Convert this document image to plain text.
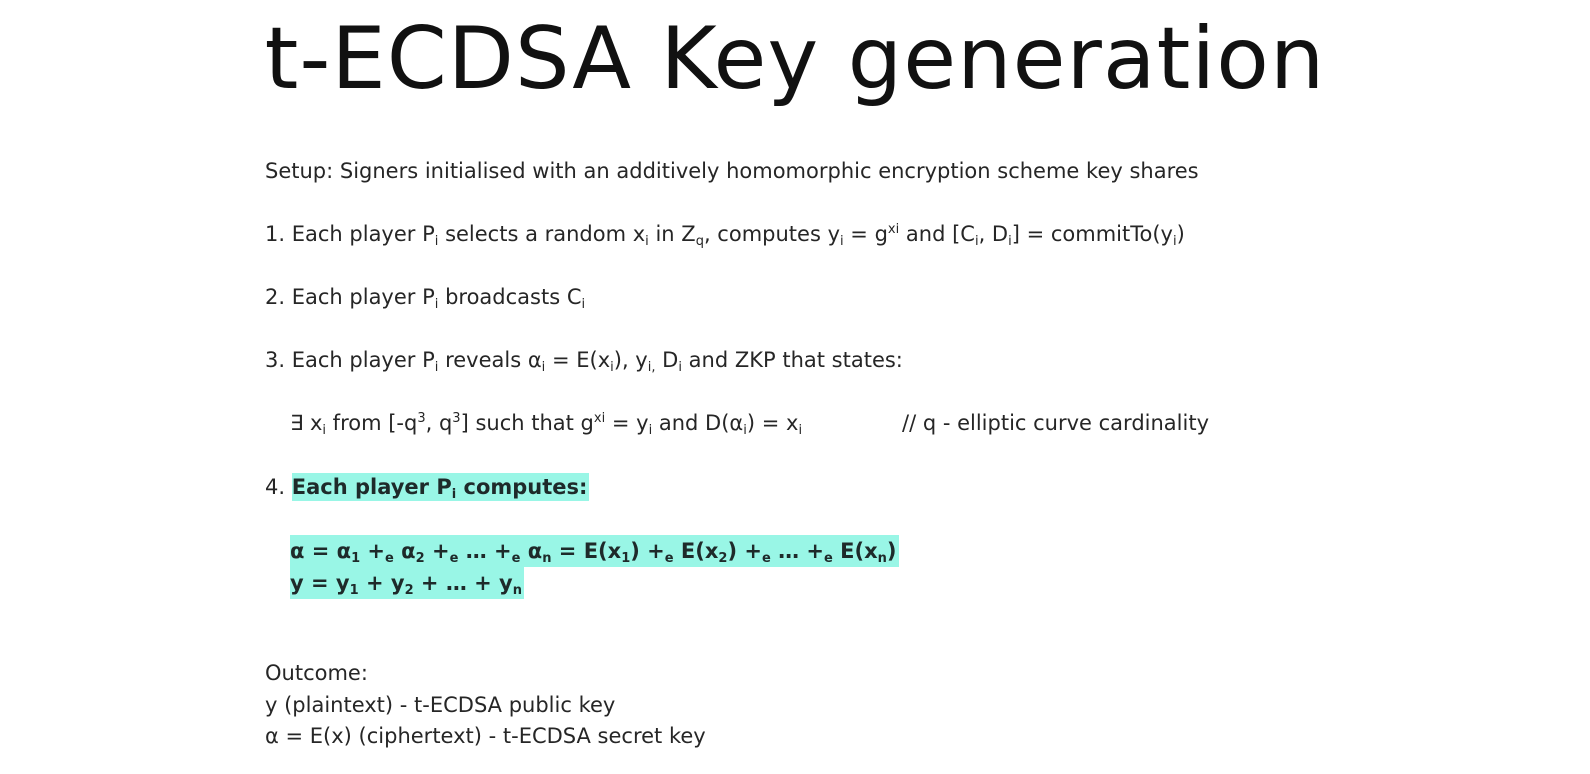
t-ECDSA Key generation
Setup: Signers initialised with an additively homomorphic encryption scheme key shares
1. Each player $P_i$ selects a random $x_i$ in $Z_q$, computes $y_i = g^{xi}$ and [$C_i$, $D_i$] = $commitTo(y_i)$
2. Each player $P_i$ broadcasts $C_i$
3. Each player $P_i$ reveals $\alpha_i = E(x_i)$, $y_{i,}$ $D_i$ and ZKP that states:
∃ $x_i$ from [$-q^3$, $q^3$] such that $g^{xi} = y_i$ and $D(\alpha_i) = x_i$	// q - elliptic curve cardinality
4. Each player $P_i$ computes:
$\alpha = \alpha_1 +_e$ $\alpha_2 +_e$ … $+_e$ $\alpha_n = E(x_1) +_e$ $E(x_2) +_e$ … $+_e$ $E(x_n)$
$y = y_1 + y_2$ + … + $y_n$
Outcome:
y (plaintext) - t-ECDSA public key
α = E(x) (ciphertext) - t-ECDSA secret key
